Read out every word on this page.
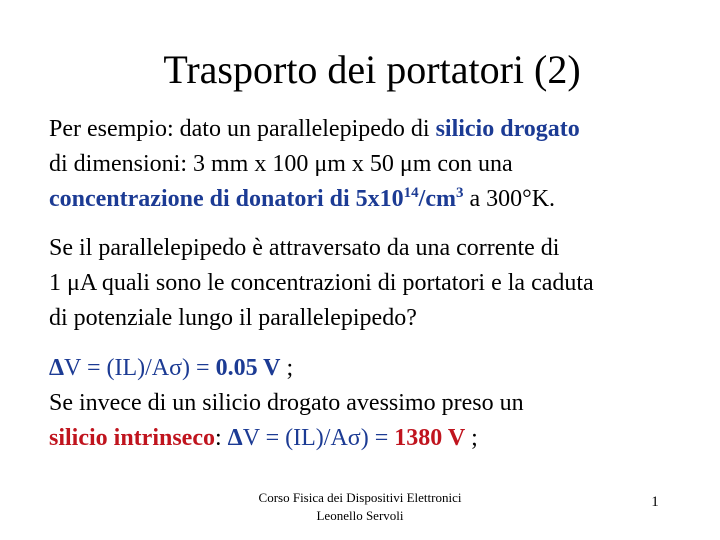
Trasporto dei portatori (2)
Per esempio: dato un parallelepipedo di silicio drogato
di dimensioni: 3 mm x 100 μm x 50 μm con una
concentrazione di donatori di $5x10^{14}/cm^3$ a 300°K.
Se il parallelepipedo è attraversato da una corrente di
1 μA quali sono le concentrazioni di portatori e la caduta
di potenziale lungo il parallelepipedo?
ΔV = (IL)/Aσ) = 0.05 V ;
Se invece di un silicio drogato avessimo preso un
silicio intrinseco: ΔV = (IL)/Aσ) = 1380 V ;
Corso Fisica dei Dispositivi Elettronici
Leonello Servoli
1
